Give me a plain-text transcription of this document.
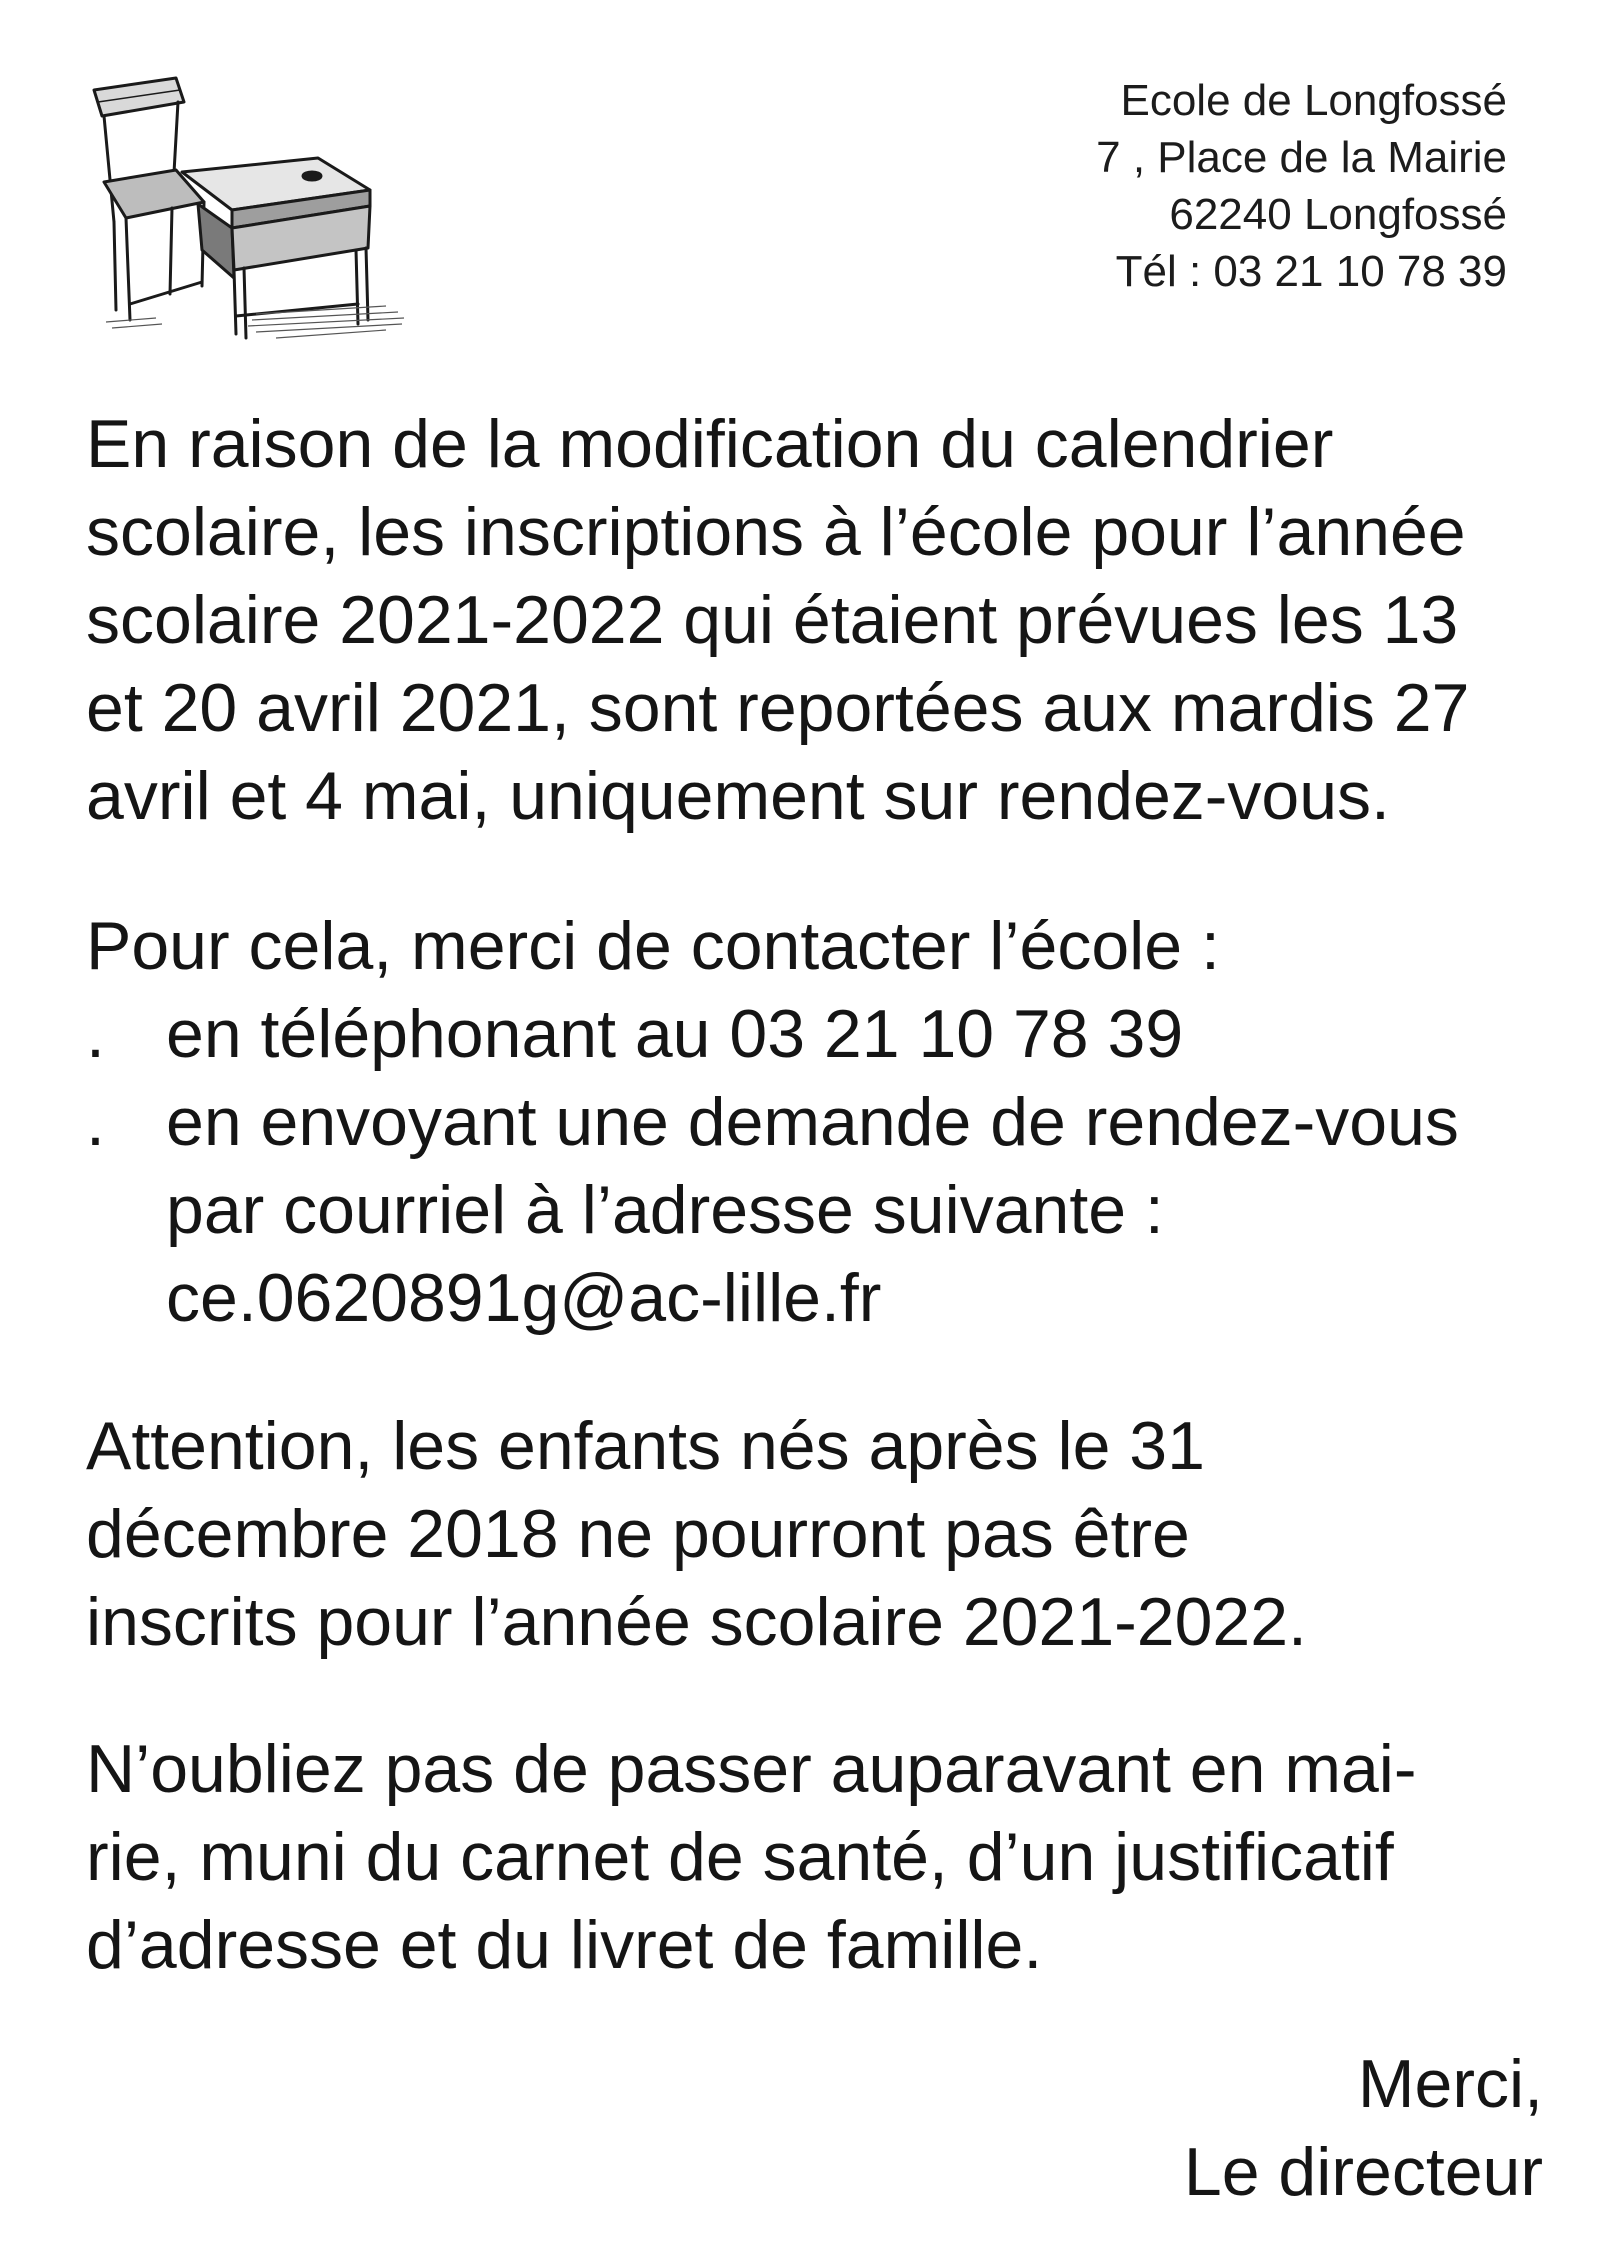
Ecole de Longfossé
7 , Place de la Mairie
62240 Longfossé
Tél : 03 21 10 78 39
En raison de la modification du calendrier
scolaire, les inscriptions à l’école pour l’année
scolaire 2021-2022 qui étaient prévues les 13
et 20 avril 2021, sont reportées aux mardis 27
avril et 4 mai, uniquement sur rendez-vous.
Pour cela, merci de contacter l’école :
. en téléphonant au 03 21 10 78 39
. en envoyant une demande de rendez-vous
par courriel à l’adresse suivante :
ce.0620891g@ac-lille.fr
Attention, les enfants nés après le 31
décembre 2018 ne pourront pas être
inscrits pour l’année scolaire 2021-2022.
N’oubliez pas de passer auparavant en mai-
rie, muni du carnet de santé, d’un justificatif
d’adresse et du livret de famille.
Merci,
Le directeur
